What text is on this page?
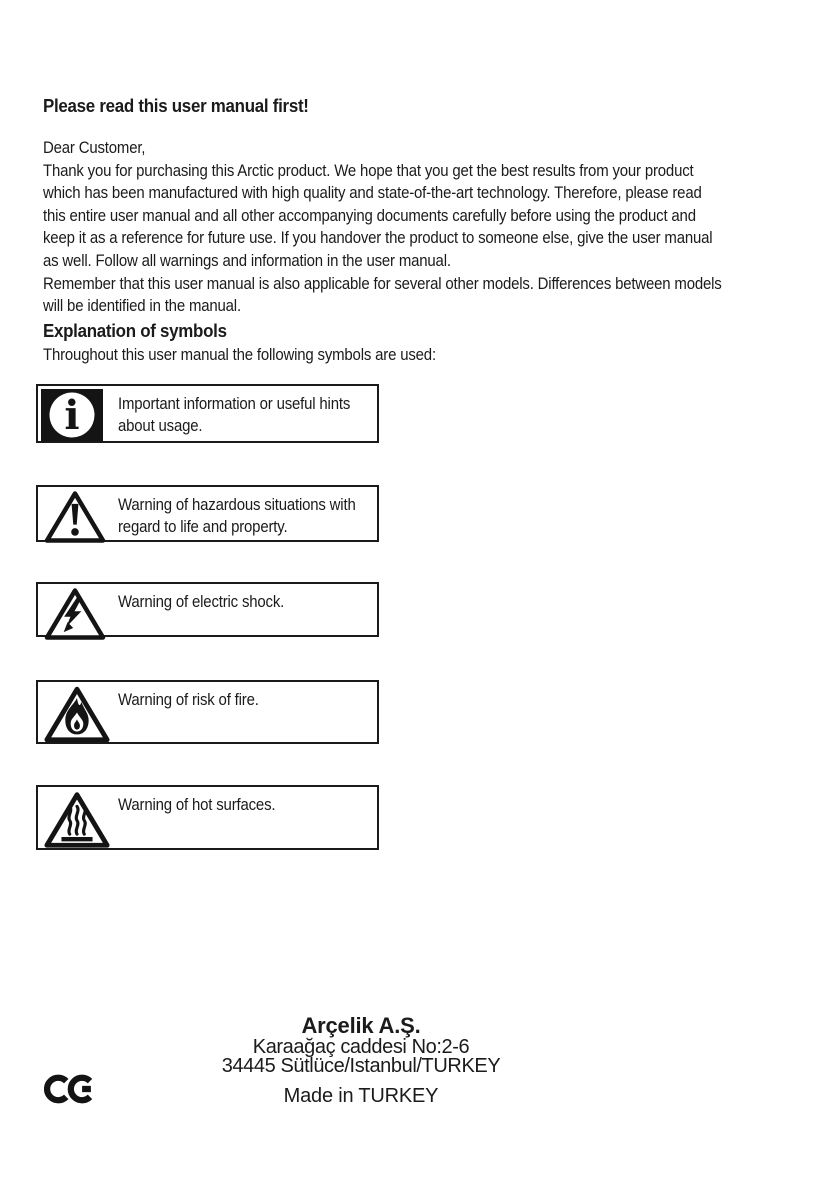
Please read this user manual first!
Dear Customer,
Thank you for purchasing this Arctic product. We hope that you get the best results from your product
which has been manufactured with high quality and state-of-the-art technology. Therefore, please read
this entire user manual and all other accompanying documents carefully before using the product and
keep it as a reference for future use. If you handover the product to someone else, give the user manual
as well. Follow all warnings and information in the user manual.
Remember that this user manual is also applicable for several other models. Differences between models
will be identified in the manual.
Explanation of symbols
Throughout this user manual the following symbols are used:
i Important information or useful hints
about usage.
Warning of hazardous situations with
regard to life and property.
Warning of electric shock.
Warning of risk of fire.
Warning of hot surfaces.
Arçelik A.Ş.
Karaağaç caddesi No:2-6
34445 Sütlüce/Istanbul/TURKEY
Made in TURKEY
